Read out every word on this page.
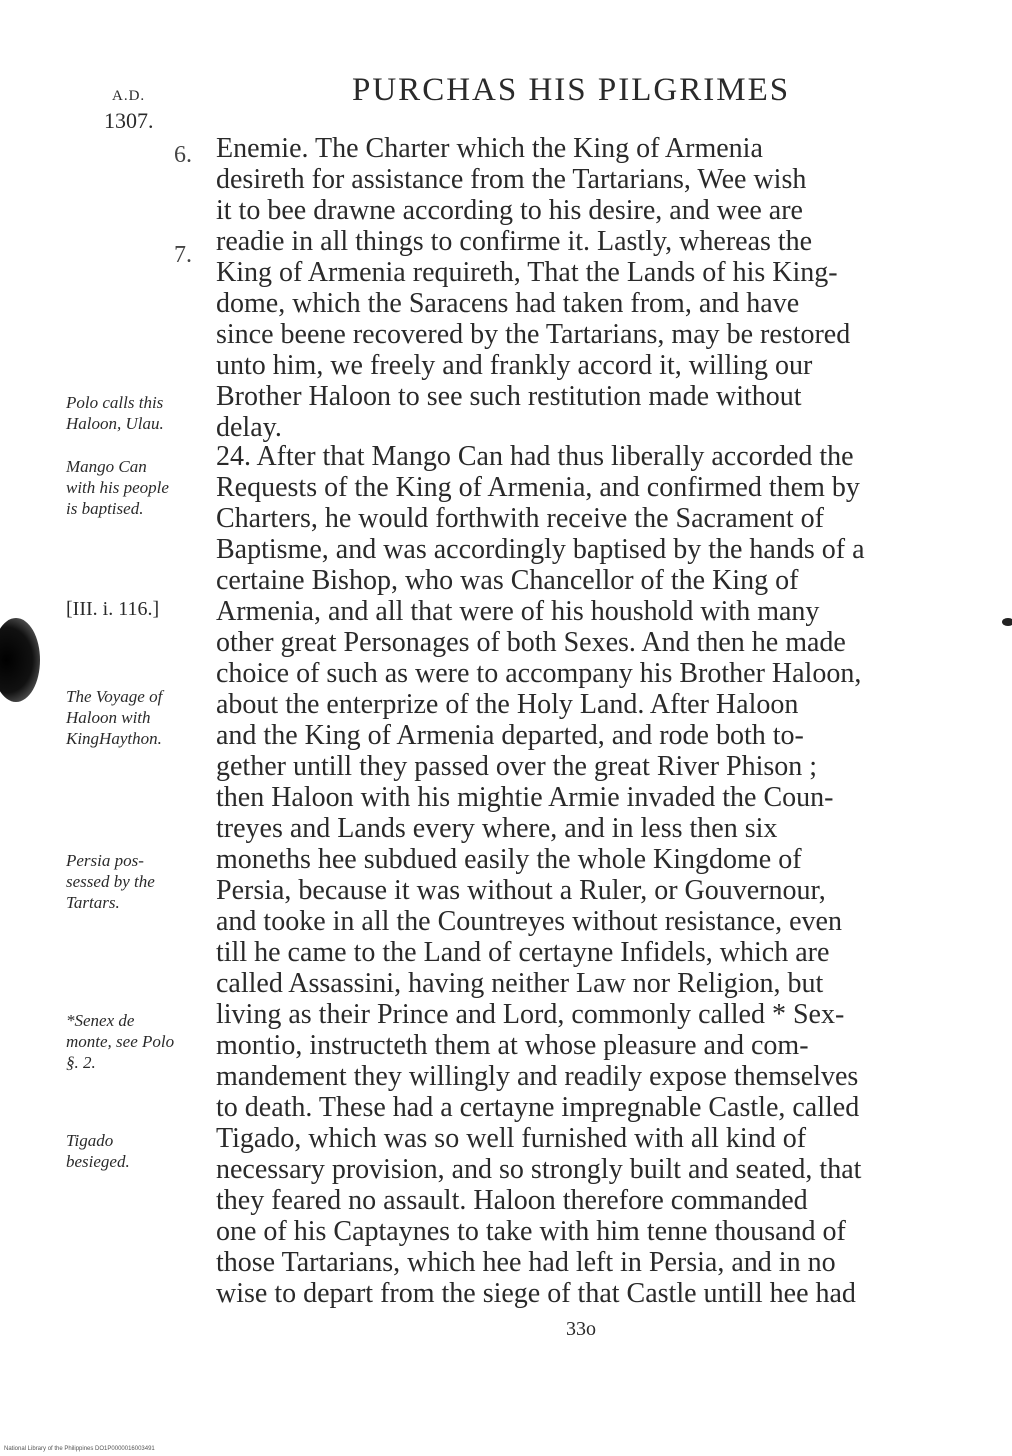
A.D.
1307.
PURCHAS HIS PILGRIMES
6.
7.
Enemie. The Charter which the King of Armenia
desireth for assistance from the Tartarians, Wee wish
it to bee drawne according to his desire, and wee are
readie in all things to confirme it. Lastly, whereas the
King of Armenia requireth, That the Lands of his King-
dome, which the Saracens had taken from, and have
since beene recovered by the Tartarians, may be restored
unto him, we freely and frankly accord it, willing our
Brother Haloon to see such restitution made without
delay.
24. After that Mango Can had thus liberally accorded the
Requests of the King of Armenia, and confirmed them by
Charters, he would forthwith receive the Sacrament of
Baptisme, and was accordingly baptised by the hands of a
certaine Bishop, who was Chancellor of the King of
Armenia, and all that were of his houshold with many
other great Personages of both Sexes. And then he made
choice of such as were to accompany his Brother Haloon,
about the enterprize of the Holy Land. After Haloon
and the King of Armenia departed, and rode both to-
gether untill they passed over the great River Phison ;
then Haloon with his mightie Armie invaded the Coun-
treyes and Lands every where, and in less then six
moneths hee subdued easily the whole Kingdome of
Persia, because it was without a Ruler, or Gouvernour,
and tooke in all the Countreyes without resistance, even
till he came to the Land of certayne Infidels, which are
called Assassini, having neither Law nor Religion, but
living as their Prince and Lord, commonly called * Sex-
montio, instructeth them at whose pleasure and com-
mandement they willingly and readily expose themselves
to death. These had a certayne impregnable Castle, called
Tigado, which was so well furnished with all kind of
necessary provision, and so strongly built and seated, that
they feared no assault. Haloon therefore commanded
one of his Captaynes to take with him tenne thousand of
those Tartarians, which hee had left in Persia, and in no
wise to depart from the siege of that Castle untill hee had
Polo calls this
Haloon, Ulau.
Mango Can
with his people
is baptised.
[III. i. 116.]
The Voyage of
Haloon with
KingHaython.
Persia pos-
sessed by the
Tartars.
*Senex de
monte, see Polo
§. 2.
Tigado
besieged.
33o
National Library of the Philippines DO1P0000016003491
